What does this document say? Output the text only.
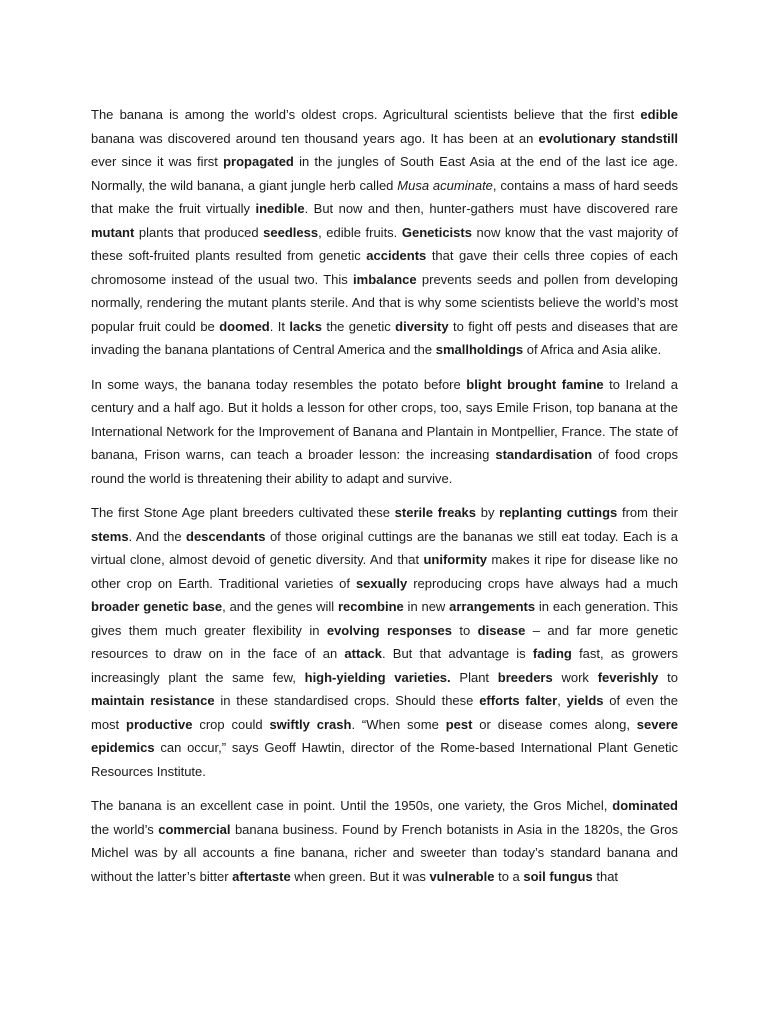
The banana is among the world’s oldest crops. Agricultural scientists believe that the first edible banana was discovered around ten thousand years ago. It has been at an evolutionary standstill ever since it was first propagated in the jungles of South East Asia at the end of the last ice age. Normally, the wild banana, a giant jungle herb called Musa acuminate, contains a mass of hard seeds that make the fruit virtually inedible. But now and then, hunter-gathers must have discovered rare mutant plants that produced seedless, edible fruits. Geneticists now know that the vast majority of these soft-fruited plants resulted from genetic accidents that gave their cells three copies of each chromosome instead of the usual two. This imbalance prevents seeds and pollen from developing normally, rendering the mutant plants sterile. And that is why some scientists believe the world’s most popular fruit could be doomed. It lacks the genetic diversity to fight off pests and diseases that are invading the banana plantations of Central America and the smallholdings of Africa and Asia alike.

In some ways, the banana today resembles the potato before blight brought famine to Ireland a century and a half ago. But it holds a lesson for other crops, too, says Emile Frison, top banana at the International Network for the Improvement of Banana and Plantain in Montpellier, France. The state of banana, Frison warns, can teach a broader lesson: the increasing standardisation of food crops round the world is threatening their ability to adapt and survive.

The first Stone Age plant breeders cultivated these sterile freaks by replanting cuttings from their stems. And the descendants of those original cuttings are the bananas we still eat today. Each is a virtual clone, almost devoid of genetic diversity. And that uniformity makes it ripe for disease like no other crop on Earth. Traditional varieties of sexually reproducing crops have always had a much broader genetic base, and the genes will recombine in new arrangements in each generation. This gives them much greater flexibility in evolving responses to disease – and far more genetic resources to draw on in the face of an attack. But that advantage is fading fast, as growers increasingly plant the same few, high-yielding varieties. Plant breeders work feverishly to maintain resistance in these standardised crops. Should these efforts falter, yields of even the most productive crop could swiftly crash. “When some pest or disease comes along, severe epidemics can occur,” says Geoff Hawtin, director of the Rome-based International Plant Genetic Resources Institute.

The banana is an excellent case in point. Until the 1950s, one variety, the Gros Michel, dominated the world’s commercial banana business. Found by French botanists in Asia in the 1820s, the Gros Michel was by all accounts a fine banana, richer and sweeter than today’s standard banana and without the latter’s bitter aftertaste when green. But it was vulnerable to a soil fungus that
